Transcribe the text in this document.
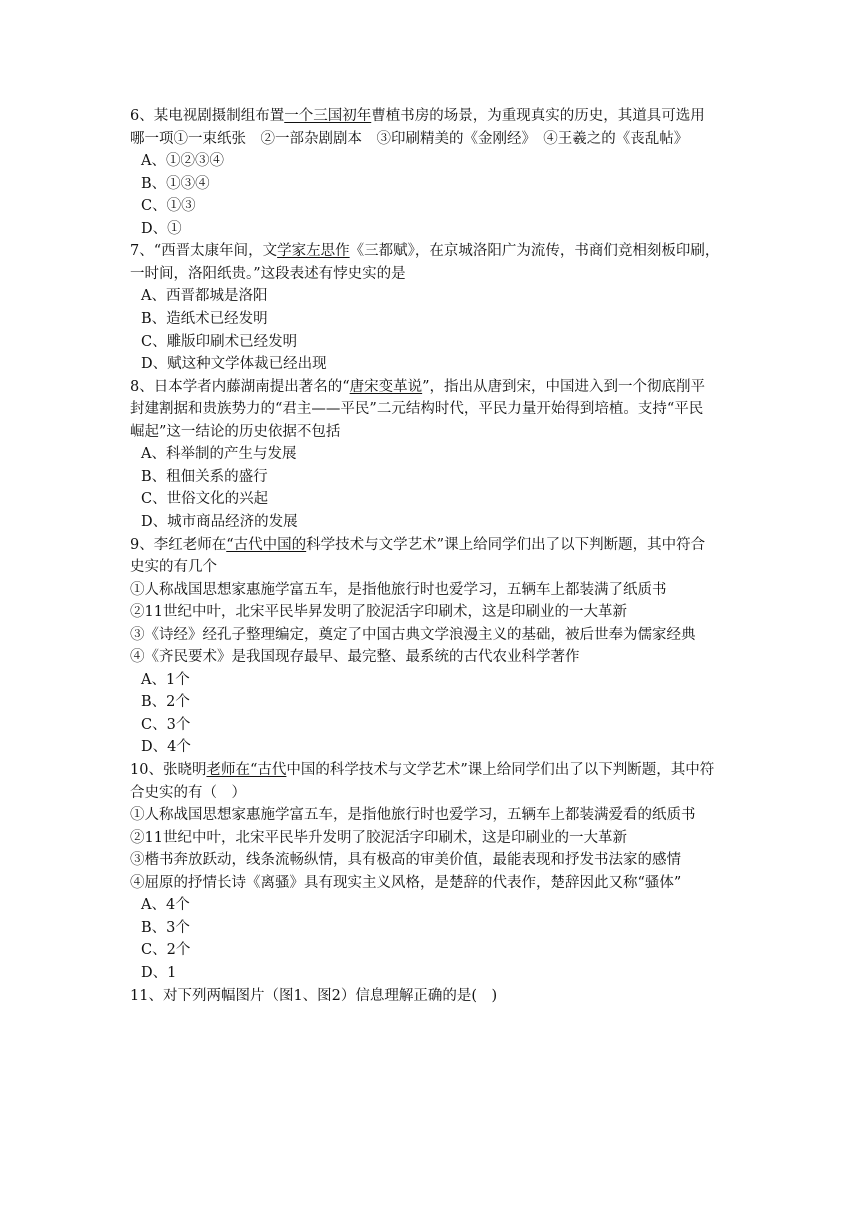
6、某电视剧摄制组布置一个三国初年曹植书房的场景，为重现真实的历史，其道具可选用
哪一项①一束纸张　②一部杂剧剧本　③印刷精美的《金刚经》　④王羲之的《丧乱帖》
A、①②③④
B、①③④
C、①③
D、①
7、“西晋太康年间，文学家左思作《三都赋》，在京城洛阳广为流传，书商们竞相刻板印刷，
一时间，洛阳纸贵。”这段表述有悖史实的是
A、西晋都城是洛阳
B、造纸术已经发明
C、雕版印刷术已经发明
D、赋这种文学体裁已经出现
8、日本学者内藤湖南提出著名的“唐宋变革说”，指出从唐到宋，中国进入到一个彻底削平
封建割据和贵族势力的“君主——平民”二元结构时代，平民力量开始得到培植。支持“平民
崛起”这一结论的历史依据不包括
A、科举制的产生与发展
B、租佃关系的盛行
C、世俗文化的兴起
D、城市商品经济的发展
9、李红老师在“古代中国的科学技术与文学艺术”课上给同学们出了以下判断题，其中符合
史实的有几个
①人称战国思想家惠施学富五车，是指他旅行时也爱学习，五辆车上都装满了纸质书
②11世纪中叶，北宋平民毕昇发明了胶泥活字印刷术，这是印刷业的一大革新
③《诗经》经孔子整理编定，奠定了中国古典文学浪漫主义的基础，被后世奉为儒家经典
④《齐民要术》是我国现存最早、最完整、最系统的古代农业科学著作
A、1个
B、2个
C、3个
D、4个
10、张晓明老师在“古代中国的科学技术与文学艺术”课上给同学们出了以下判断题，其中符
合史实的有（　）
①人称战国思想家惠施学富五车，是指他旅行时也爱学习，五辆车上都装满爱看的纸质书
②11世纪中叶，北宋平民毕升发明了胶泥活字印刷术，这是印刷业的一大革新
③楷书奔放跃动，线条流畅纵情，具有极高的审美价值，最能表现和抒发书法家的感情
④屈原的抒情长诗《离骚》具有现实主义风格，是楚辞的代表作，楚辞因此又称“骚体”
A、4个
B、3个
C、2个
D、1
11、对下列两幅图片（图1、图2）信息理解正确的是(　)
